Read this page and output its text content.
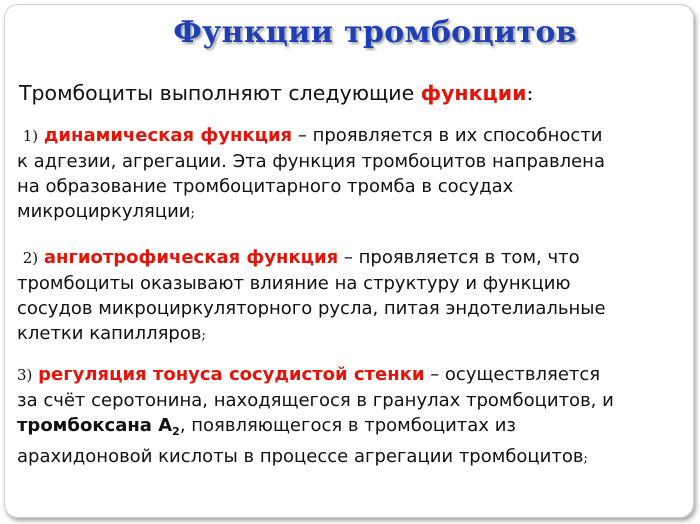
Функции тромбоцитов
Тромбоциты выполняют следующие функции:
1) динамическая функция – проявляется в их способности
к адгезии, агрегации. Эта функция тромбоцитов направлена
на образование тромбоцитарного тромба в сосудах
микроциркуляции;
2) ангиотрофическая функция – проявляется в том, что
тромбоциты оказывают влияние на структуру и функцию
сосудов микроциркуляторного русла, питая эндотелиальные
клетки капилляров;
3) регуляция тонуса сосудистой стенки – осуществляется
за счёт серотонина, находящегося в гранулах тромбоцитов, и
тромбоксана $А_2$, появляющегося в тромбоцитах из
арахидоновой кислоты в процессе агрегации тромбоцитов;
